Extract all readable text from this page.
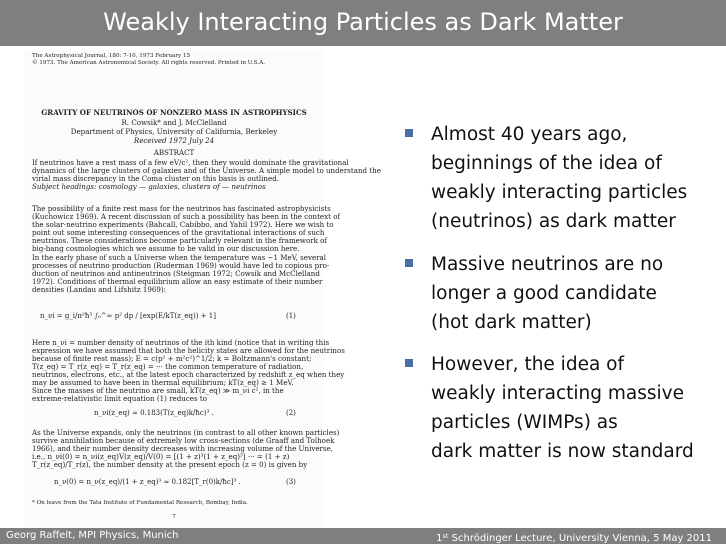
Weakly Interacting Particles as Dark Matter
The Astrophysical Journal, 180: 7-10, 1973 February 15
© 1973. The American Astronomical Society. All rights reserved. Printed in U.S.A.
GRAVITY OF NEUTRINOS OF NONZERO MASS IN ASTROPHYSICS
R. Cowsik* and J. McClelland
Department of Physics, University of California, Berkeley
Received 1972 July 24
ABSTRACT
If neutrinos have a rest mass of a few eV/c², then they would dominate the gravitational
dynamics of the large clusters of galaxies and of the Universe. A simple model to understand the
virial mass discrepancy in the Coma cluster on this basis is outlined.
Subject headings: cosmology — galaxies, clusters of — neutrinos
The possibility of a finite rest mass for the neutrinos has fascinated astrophysicists
(Kuchowicz 1969). A recent discussion of such a possibility has been in the context of
the solar-neutrino experiments (Bahcall, Cabibbo, and Yahil 1972). Here we wish to
point out some interesting consequences of the gravitational interactions of such
neutrinos. These considerations become particularly relevant in the framework of
big-bang cosmologies which we assume to be valid in our discussion here.
In the early phase of such a Universe when the temperature was ~1 MeV, several
processes of neutrino production (Ruderman 1969) would have led to copious pro-
duction of neutrinos and antineutrinos (Steigman 1972; Cowsik and McClelland
1972). Conditions of thermal equilibrium allow an easy estimate of their number
densities (Landau and Lifshitz 1969):
n_νi = g_i/π²ħ³ ∫₀^∞ p² dp / [exp(E/kT(z_eq)) + 1]	(1)
Here n_νi = number density of neutrinos of the ith kind (notice that in writing this
expression we have assumed that both the helicity states are allowed for the neutrinos
because of finite rest mass); E = c(p² + m²c²)^1/2; k = Boltzmann's constant;
T(z_eq) = T_r(z_eq) = T_r(z_eq) = ··· the common temperature of radiation,
neutrinos, electrons, etc., at the latest epoch characterized by redshift z_eq when they
may be assumed to have been in thermal equilibrium; kT(z_eq) ≥ 1 MeV.
Since the masses of the neutrino are small, kT(z_eq) ≫ m_νi c², in the
extreme-relativistic limit equation (1) reduces to
n_νi(z_eq) ≈ 0.183(T(z_eq)k/ħc)³ .	(2)
As the Universe expands, only the neutrinos (in contrast to all other known particles)
survive annihilation because of extremely low cross-sections (de Graaff and Tolhoek
1966), and their number density decreases with increasing volume of the Universe,
i.e., n_νi(0) = n_νi(z_eq)V(z_eq)/V(0) = [(1 + z)³(1 + z_eq)³] ··· = (1 + z)
T_r(z_eq)/T_r(z), the number density at the present epoch (z = 0) is given by
n_ν(0) = n_ν(z_eq)/(1 + z_eq)³ ≈ 0.182[T_r(0)k/ħc]³ .	(3)
* On leave from the Tata Institute of Fundamental Research, Bombay, India.
7
Almost 40 years ago,
beginnings of the idea of
weakly interacting particles
(neutrinos) as dark matter
Massive neutrinos are no
longer a good candidate
(hot dark matter)
However, the idea of
weakly interacting massive
particles (WIMPs) as
dark matter is now standard
Georg Raffelt, MPI Physics, Munich	1st Schrödinger Lecture, University Vienna, 5 May 2011
